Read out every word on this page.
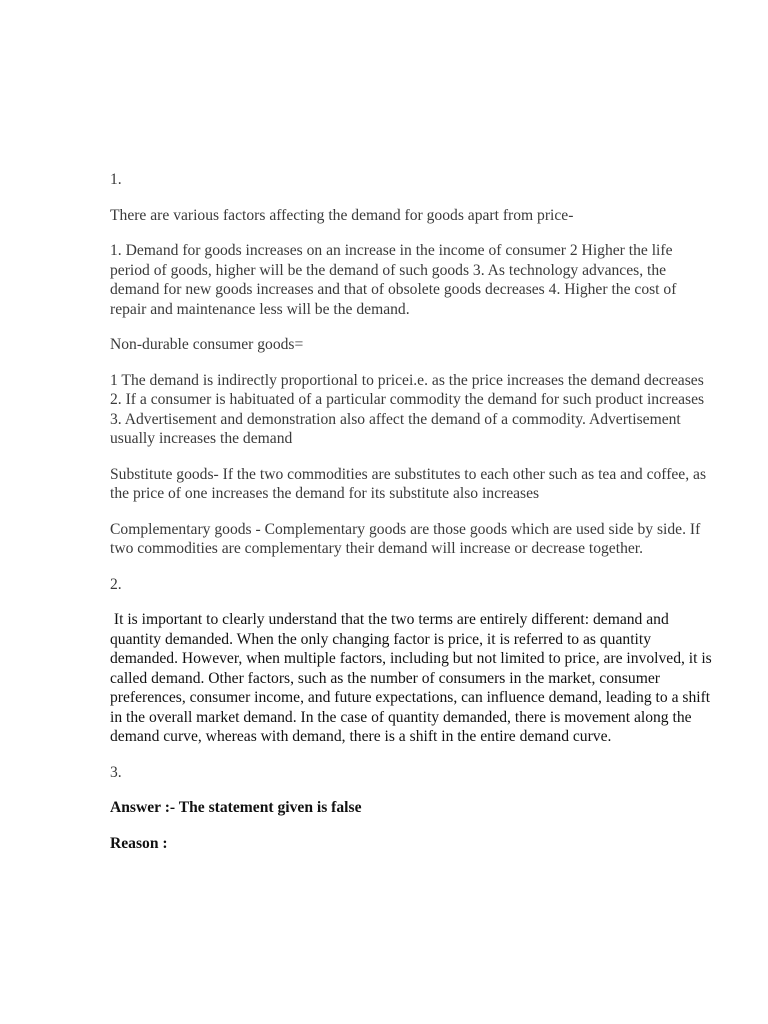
1.

There are various factors affecting the demand for goods apart from price-

1. Demand for goods increases on an increase in the income of consumer 2 Higher the life period of goods, higher will be the demand of such goods 3. As technology advances, the demand for new goods increases and that of obsolete goods decreases 4. Higher the cost of repair and maintenance less will be the demand.

Non-durable consumer goods=

1 The demand is indirectly proportional to pricei.e. as the price increases the demand decreases 2. If a consumer is habituated of a particular commodity the demand for such product increases 3. Advertisement and demonstration also affect the demand of a commodity. Advertisement usually increases the demand

Substitute goods- If the two commodities are substitutes to each other such as tea and coffee, as the price of one increases the demand for its substitute also increases

Complementary goods - Complementary goods are those goods which are used side by side. If two commodities are complementary their demand will increase or decrease together.

2.

It is important to clearly understand that the two terms are entirely different: demand and quantity demanded. When the only changing factor is price, it is referred to as quantity demanded. However, when multiple factors, including but not limited to price, are involved, it is called demand. Other factors, such as the number of consumers in the market, consumer preferences, consumer income, and future expectations, can influence demand, leading to a shift in the overall market demand. In the case of quantity demanded, there is movement along the demand curve, whereas with demand, there is a shift in the entire demand curve.

3.

Answer :- The statement given is false

Reason :
